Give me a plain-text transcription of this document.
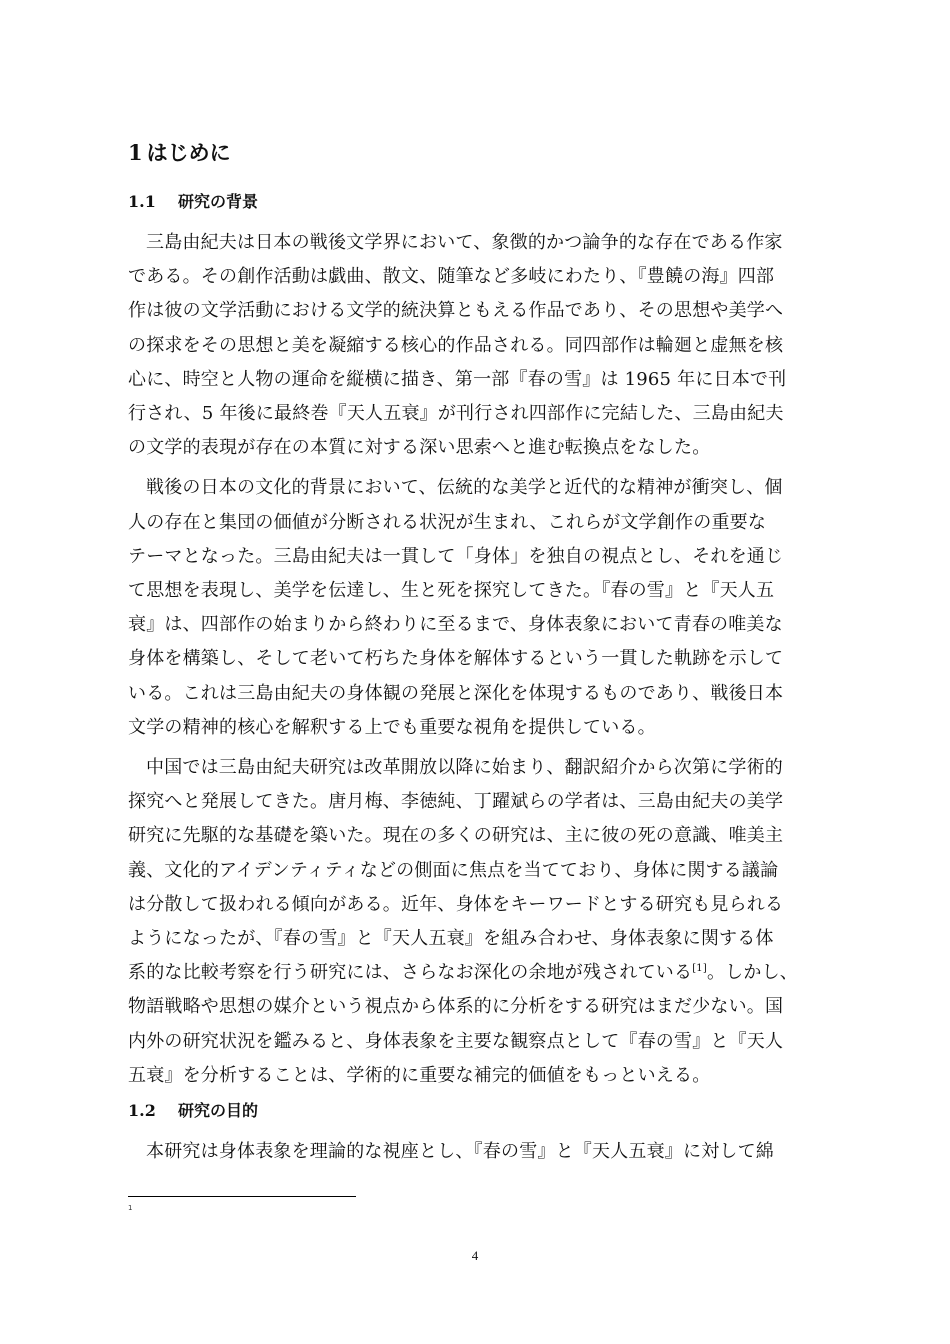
1 はじめに
1.1 研究の背景

三島由紀夫は日本の戦後文学界において、象徴的かつ論争的な存在である作家
である。その創作活動は戯曲、散文、随筆など多岐にわたり、『豊饒の海』四部
作は彼の文学活動における文学的統決算ともえる作品であり、その思想や美学へ
の探求をその思想と美を凝縮する核心的作品される。同四部作は輪廻と虚無を核
心に、時空と人物の運命を縦横に描き、第一部『春の雪』は 1965 年に日本で刊
行され、5 年後に最終巻『天人五衰』が刊行され四部作に完結した、三島由紀夫
の文学的表現が存在の本質に対する深い思索へと進む転換点をなした。

戦後の日本の文化的背景において、伝統的な美学と近代的な精神が衝突し、個
人の存在と集団の価値が分断される状況が生まれ、これらが文学創作の重要な
テーマとなった。三島由紀夫は一貫して「身体」を独自の視点とし、それを通じ
て思想を表現し、美学を伝達し、生と死を探究してきた。『春の雪』と『天人五
衰』は、四部作の始まりから終わりに至るまで、身体表象において青春の唯美な
身体を構築し、そして老いて朽ちた身体を解体するという一貫した軌跡を示して
いる。これは三島由紀夫の身体観の発展と深化を体現するものであり、戦後日本
文学の精神的核心を解釈する上でも重要な視角を提供している。

中国では三島由紀夫研究は改革開放以降に始まり、翻訳紹介から次第に学術的
探究へと発展してきた。唐月梅、李徳純、丁躍斌らの学者は、三島由紀夫の美学
研究に先駆的な基礎を築いた。現在の多くの研究は、主に彼の死の意識、唯美主
義、文化的アイデンティティなどの側面に焦点を当てており、身体に関する議論
は分散して扱われる傾向がある。近年、身体をキーワードとする研究も見られる
ようになったが、『春の雪』と『天人五衰』を組み合わせ、身体表象に関する体
系的な比較考察を行う研究には、さらなお深化の余地が残されている[1]。しかし、
物語戦略や思想の媒介という視点から体系的に分析をする研究はまだ少ない。国
内外の研究状況を鑑みると、身体表象を主要な観察点として『春の雪』と『天人
五衰』を分析することは、学術的に重要な補完的価値をもっといえる。

1.2 研究の目的

本研究は身体表象を理論的な視座とし、『春の雪』と『天人五衰』に対して綿

1
4
